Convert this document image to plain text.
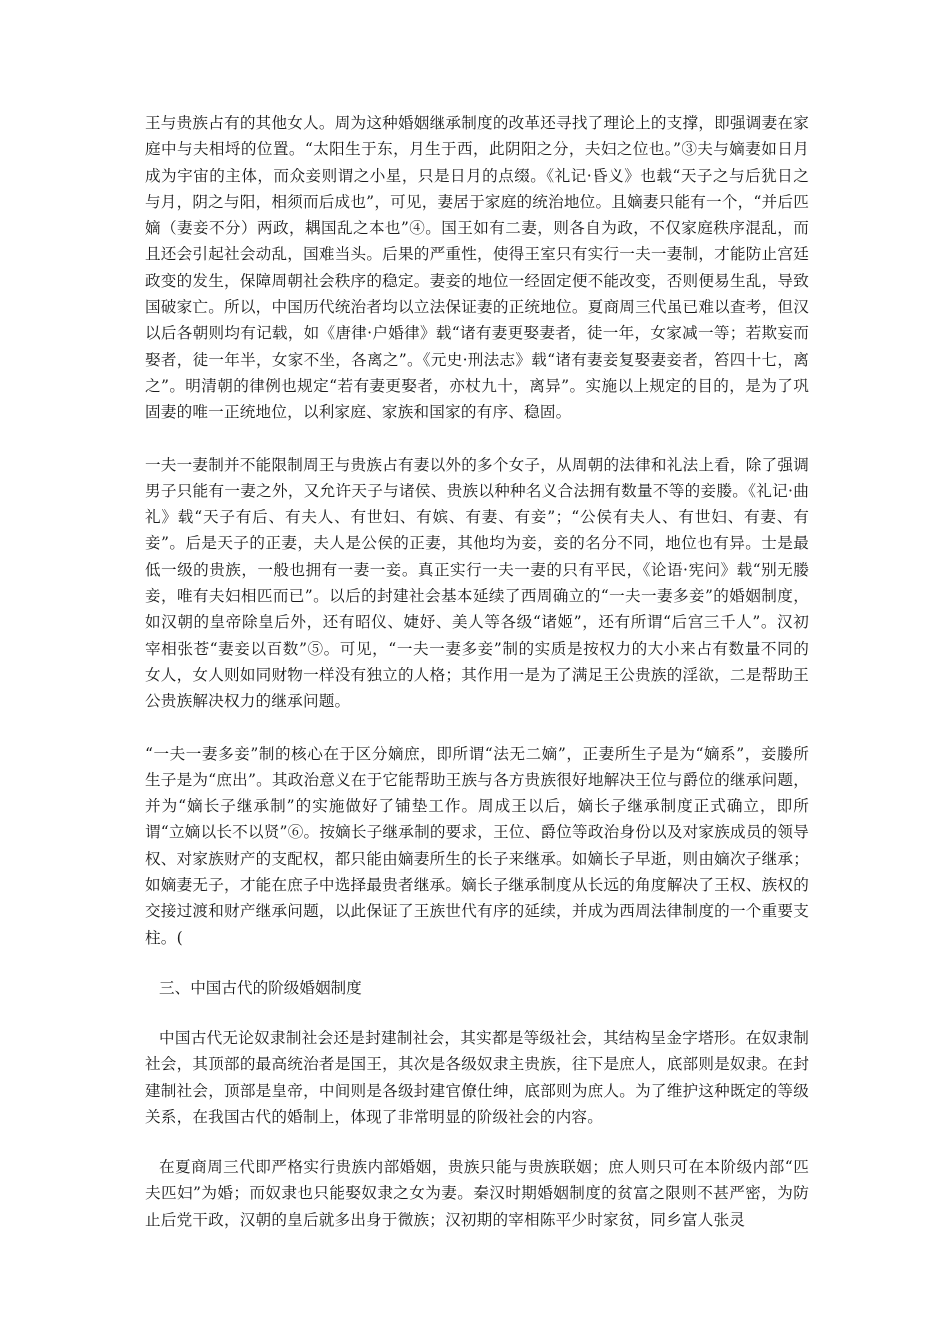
王与贵族占有的其他女人。周为这种婚姻继承制度的改革还寻找了理论上的支撑，即强调妻在家庭中与夫相埒的位置。“太阳生于东，月生于西，此阴阳之分，夫妇之位也。”③夫与嫡妻如日月成为宇宙的主体，而众妾则谓之小星，只是日月的点缀。《礼记·昏义》也载“天子之与后犹日之与月，阴之与阳，相须而后成也”，可见，妻居于家庭的统治地位。且嫡妻只能有一个，“并后匹嫡（妻妾不分）两政，耦国乱之本也”④。国王如有二妻，则各自为政，不仅家庭秩序混乱，而且还会引起社会动乱，国难当头。后果的严重性，使得王室只有实行一夫一妻制，才能防止宫廷政变的发生，保障周朝社会秩序的稳定。妻妾的地位一经固定便不能改变，否则便易生乱，导致国破家亡。所以，中国历代统治者均以立法保证妻的正统地位。夏商周三代虽已难以查考，但汉以后各朝则均有记载，如《唐律·户婚律》载“诸有妻更娶妻者，徒一年，女家减一等；若欺妄而娶者，徒一年半，女家不坐，各离之”。《元史·刑法志》载“诸有妻妾复娶妻妾者，笞四十七，离之”。明清朝的律例也规定“若有妻更娶者，亦杖九十，离异”。实施以上规定的目的，是为了巩固妻的唯一正统地位，以利家庭、家族和国家的有序、稳固。

一夫一妻制并不能限制周王与贵族占有妻以外的多个女子，从周朝的法律和礼法上看，除了强调男子只能有一妻之外，又允许天子与诸侯、贵族以种种名义合法拥有数量不等的妾媵。《礼记·曲礼》载“天子有后、有夫人、有世妇、有嫔、有妻、有妾”；“公侯有夫人、有世妇、有妻、有妾”。后是天子的正妻，夫人是公侯的正妻，其他均为妾，妾的名分不同，地位也有异。士是最低一级的贵族，一般也拥有一妻一妾。真正实行一夫一妻的只有平民，《论语·宪问》载“别无媵妾，唯有夫妇相匹而已”。以后的封建社会基本延续了西周确立的“一夫一妻多妾”的婚姻制度，如汉朝的皇帝除皇后外，还有昭仪、婕妤、美人等各级“诸姬”，还有所谓“后宫三千人”。汉初宰相张苍“妻妾以百数”⑤。可见，“一夫一妻多妾”制的实质是按权力的大小来占有数量不同的女人，女人则如同财物一样没有独立的人格；其作用一是为了满足王公贵族的淫欲，二是帮助王公贵族解决权力的继承问题。

“一夫一妻多妾”制的核心在于区分嫡庶，即所谓“法无二嫡”，正妻所生子是为“嫡系”，妾媵所生子是为“庶出”。其政治意义在于它能帮助王族与各方贵族很好地解决王位与爵位的继承问题，并为“嫡长子继承制”的实施做好了铺垫工作。周成王以后，嫡长子继承制度正式确立，即所谓“立嫡以长不以贤”⑥。按嫡长子继承制的要求，王位、爵位等政治身份以及对家族成员的领导权、对家族财产的支配权，都只能由嫡妻所生的长子来继承。如嫡长子早逝，则由嫡次子继承；如嫡妻无子，才能在庶子中选择最贵者继承。嫡长子继承制度从长远的角度解决了王权、族权的交接过渡和财产继承问题，以此保证了王族世代有序的延续，并成为西周法律制度的一个重要支柱。(

三、中国古代的阶级婚姻制度

中国古代无论奴隶制社会还是封建制社会，其实都是等级社会，其结构呈金字塔形。在奴隶制社会，其顶部的最高统治者是国王，其次是各级奴隶主贵族，往下是庶人，底部则是奴隶。在封建制社会，顶部是皇帝，中间则是各级封建官僚仕绅，底部则为庶人。为了维护这种既定的等级关系，在我国古代的婚制上，体现了非常明显的阶级社会的内容。

在夏商周三代即严格实行贵族内部婚姻，贵族只能与贵族联姻；庶人则只可在本阶级内部“匹夫匹妇”为婚；而奴隶也只能娶奴隶之女为妻。秦汉时期婚姻制度的贫富之限则不甚严密，为防止后党干政，汉朝的皇后就多出身于微族；汉初期的宰相陈平少时家贫，同乡富人张灵
